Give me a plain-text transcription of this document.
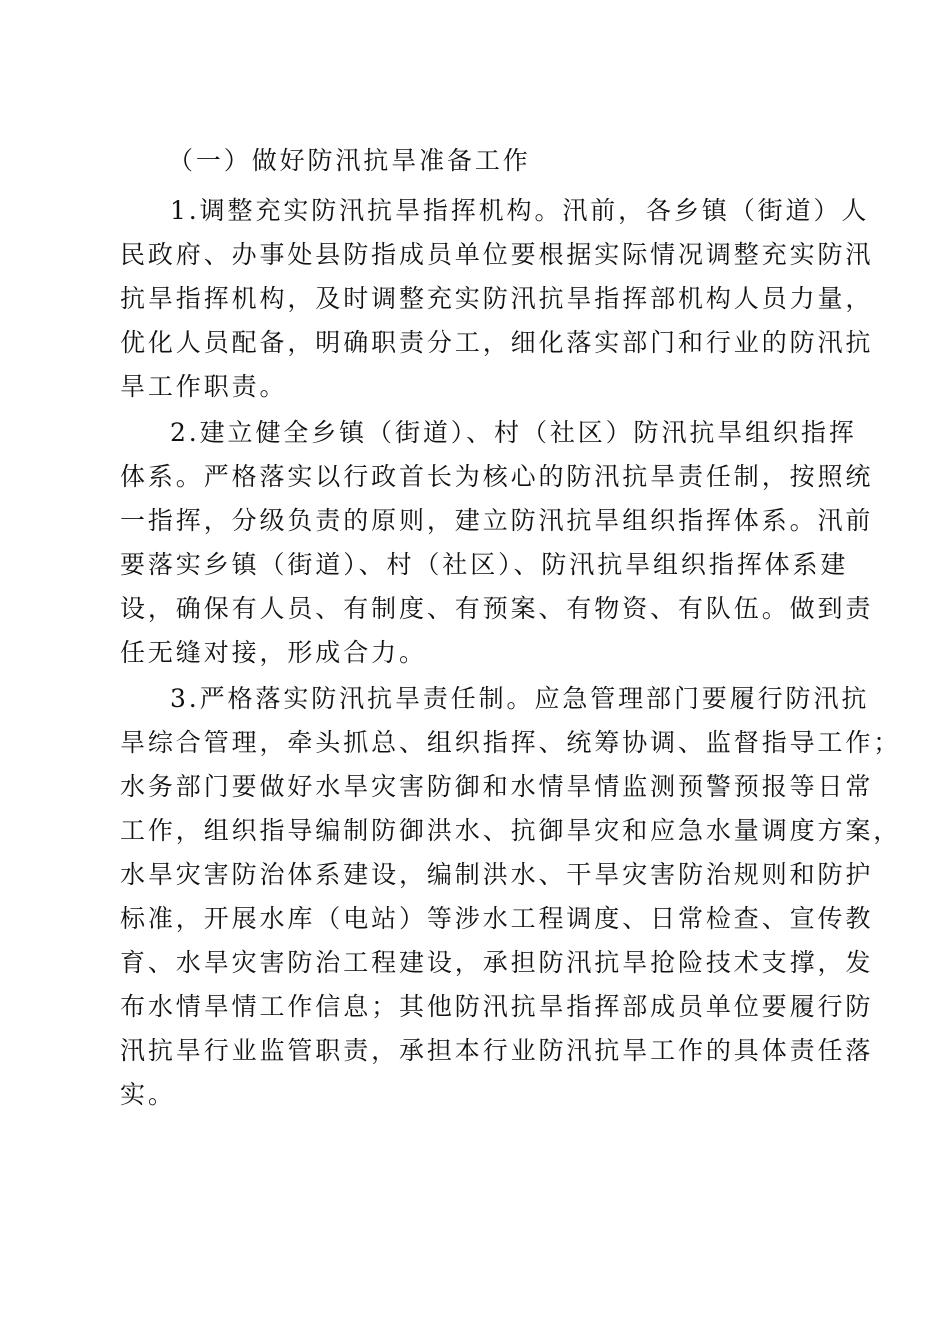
（一）做好防汛抗旱准备工作

1.调整充实防汛抗旱指挥机构。汛前，各乡镇（街道）人

民政府、办事处县防指成员单位要根据实际情况调整充实防汛

抗旱指挥机构，及时调整充实防汛抗旱指挥部机构人员力量，

优化人员配备，明确职责分工，细化落实部门和行业的防汛抗

旱工作职责。

2.建立健全乡镇（街道）、村（社区）防汛抗旱组织指挥

体系。严格落实以行政首长为核心的防汛抗旱责任制，按照统

一指挥，分级负责的原则，建立防汛抗旱组织指挥体系。汛前

要落实乡镇（街道）、村（社区）、防汛抗旱组织指挥体系建

设，确保有人员、有制度、有预案、有物资、有队伍。做到责

任无缝对接，形成合力。

3.严格落实防汛抗旱责任制。应急管理部门要履行防汛抗

旱综合管理，牵头抓总、组织指挥、统筹协调、监督指导工作；

水务部门要做好水旱灾害防御和水情旱情监测预警预报等日常

工作，组织指导编制防御洪水、抗御旱灾和应急水量调度方案，

水旱灾害防治体系建设，编制洪水、干旱灾害防治规则和防护

标准，开展水库（电站）等涉水工程调度、日常检查、宣传教

育、水旱灾害防治工程建设，承担防汛抗旱抢险技术支撑，发

布水情旱情工作信息；其他防汛抗旱指挥部成员单位要履行防

汛抗旱行业监管职责，承担本行业防汛抗旱工作的具体责任落

实。
